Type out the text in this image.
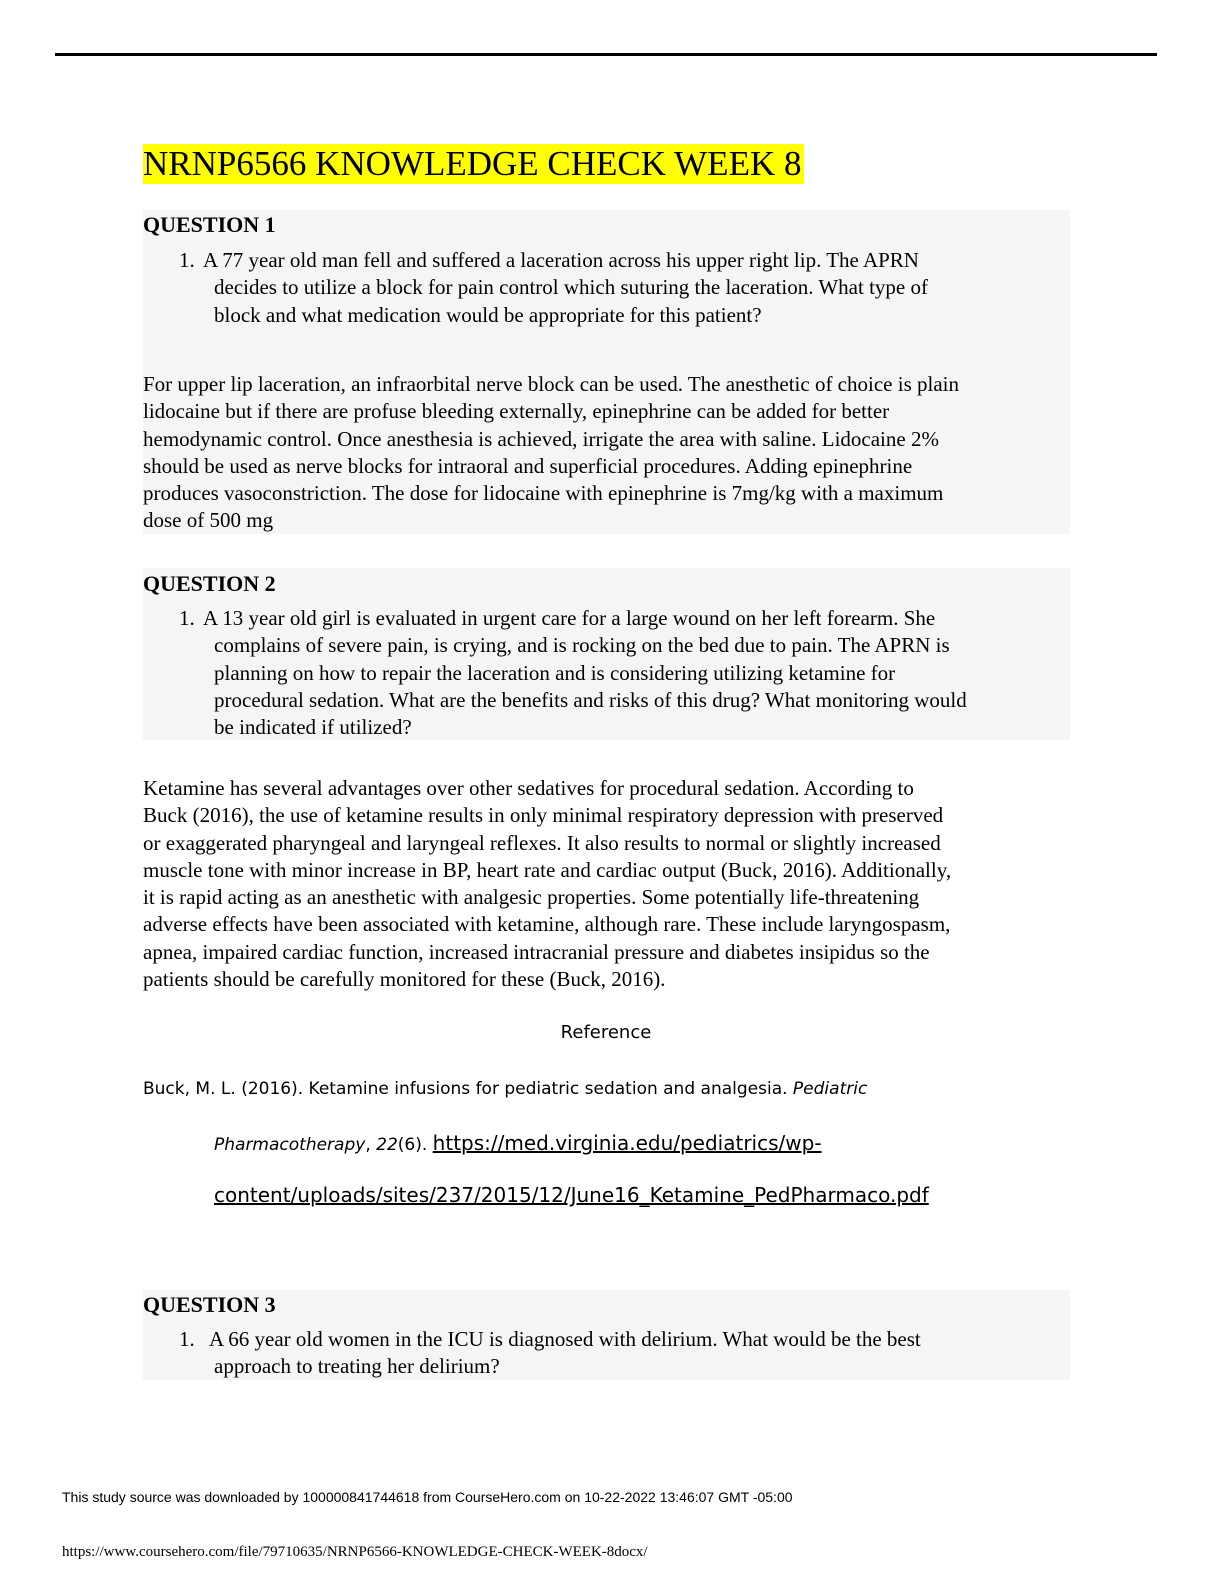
NRNP6566 KNOWLEDGE CHECK WEEK 8
QUESTION 1
1. A 77 year old man fell and suffered a laceration across his upper right lip. The APRN
decides to utilize a block for pain control which suturing the laceration. What type of
block and what medication would be appropriate for this patient?
For upper lip laceration, an infraorbital nerve block can be used. The anesthetic of choice is plain
lidocaine but if there are profuse bleeding externally, epinephrine can be added for better
hemodynamic control. Once anesthesia is achieved, irrigate the area with saline. Lidocaine 2%
should be used as nerve blocks for intraoral and superficial procedures. Adding epinephrine
produces vasoconstriction. The dose for lidocaine with epinephrine is 7mg/kg with a maximum
dose of 500 mg
QUESTION 2
1. A 13 year old girl is evaluated in urgent care for a large wound on her left forearm. She
complains of severe pain, is crying, and is rocking on the bed due to pain. The APRN is
planning on how to repair the laceration and is considering utilizing ketamine for
procedural sedation. What are the benefits and risks of this drug? What monitoring would
be indicated if utilized?
Ketamine has several advantages over other sedatives for procedural sedation. According to
Buck (2016), the use of ketamine results in only minimal respiratory depression with preserved
or exaggerated pharyngeal and laryngeal reflexes. It also results to normal or slightly increased
muscle tone with minor increase in BP, heart rate and cardiac output (Buck, 2016). Additionally,
it is rapid acting as an anesthetic with analgesic properties. Some potentially life-threatening
adverse effects have been associated with ketamine, although rare. These include laryngospasm,
apnea, impaired cardiac function, increased intracranial pressure and diabetes insipidus so the
patients should be carefully monitored for these (Buck, 2016).
Reference
Buck, M. L. (2016). Ketamine infusions for pediatric sedation and analgesia. Pediatric
Pharmacotherapy, 22(6). https://med.virginia.edu/pediatrics/wp-
content/uploads/sites/237/2015/12/June16_Ketamine_PedPharmaco.pdf
QUESTION 3
1. A 66 year old women in the ICU is diagnosed with delirium. What would be the best
approach to treating her delirium?
This study source was downloaded by 100000841744618 from CourseHero.com on 10-22-2022 13:46:07 GMT -05:00
https://www.coursehero.com/file/79710635/NRNP6566-KNOWLEDGE-CHECK-WEEK-8docx/
